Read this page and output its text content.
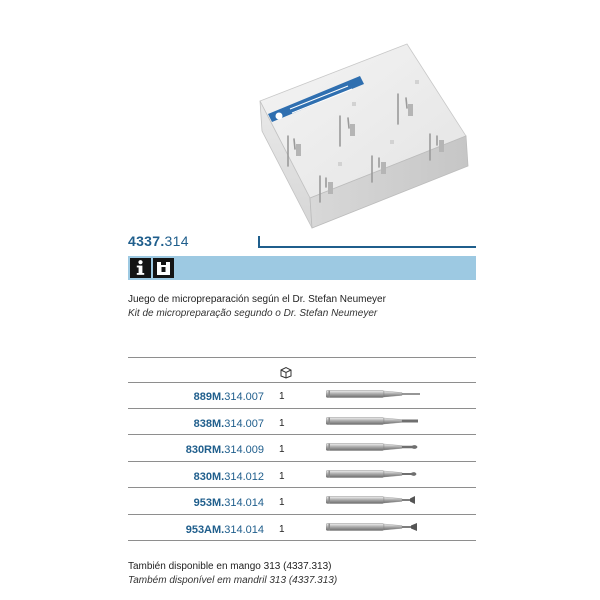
4337. 314
Juego de micropreparación según el Dr. Stefan Neumeyer
Kit de micropreparação segundo o Dr. Stefan Neumeyer
889M.314.007 1
838M.314.007 1
830RM.314.009 1
830M.314.012 1
953M.314.014 1
953AM.314.014 1
También disponible en mango 313 (4337.313)
Também disponível em mandril 313 (4337.313)
